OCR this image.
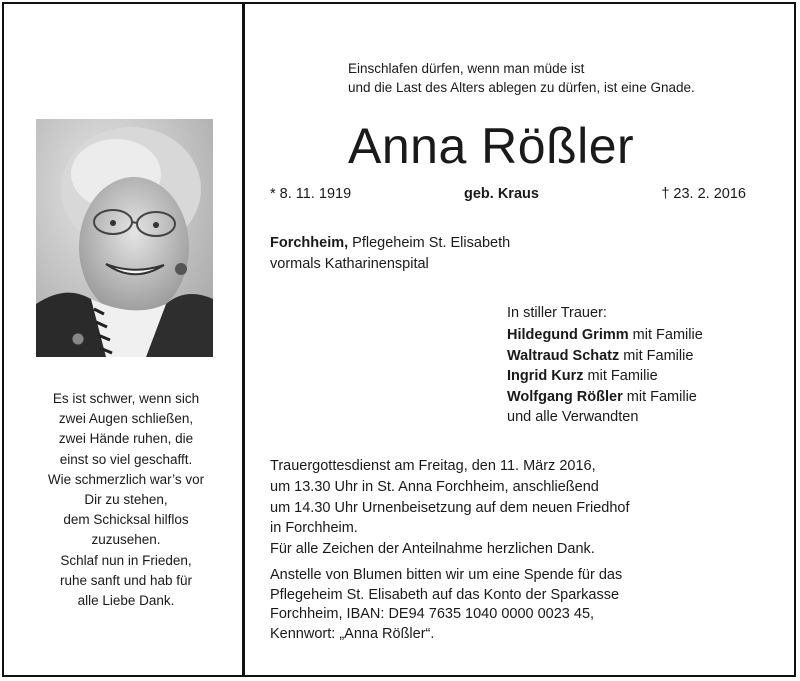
Es ist schwer, wenn sich
zwei Augen schließen,
zwei Hände ruhen, die
einst so viel geschafft.
Wie schmerzlich war’s vor
Dir zu stehen,
dem Schicksal hilflos
zuzusehen.
Schlaf nun in Frieden,
ruhe sanft und hab für
alle Liebe Dank.
Einschlafen dürfen, wenn man müde ist
und die Last des Alters ablegen zu dürfen, ist eine Gnade.
Anna Rößler
* 8. 11. 1919	geb. Kraus	† 23. 2. 2016
Forchheim, Pflegeheim St. Elisabeth
vormals Katharinenspital
In stiller Trauer:
Hildegund Grimm mit Familie
Waltraud Schatz mit Familie
Ingrid Kurz mit Familie
Wolfgang Rößler mit Familie
und alle Verwandten
Trauergottesdienst am Freitag, den 11. März 2016,
um 13.30 Uhr in St. Anna Forchheim, anschließend
um 14.30 Uhr Urnenbeisetzung auf dem neuen Friedhof
in Forchheim.
Für alle Zeichen der Anteilnahme herzlichen Dank.
Anstelle von Blumen bitten wir um eine Spende für das
Pflegeheim St. Elisabeth auf das Konto der Sparkasse
Forchheim, IBAN: DE94 7635 1040 0000 0023 45,
Kennwort: „Anna Rößler“.
